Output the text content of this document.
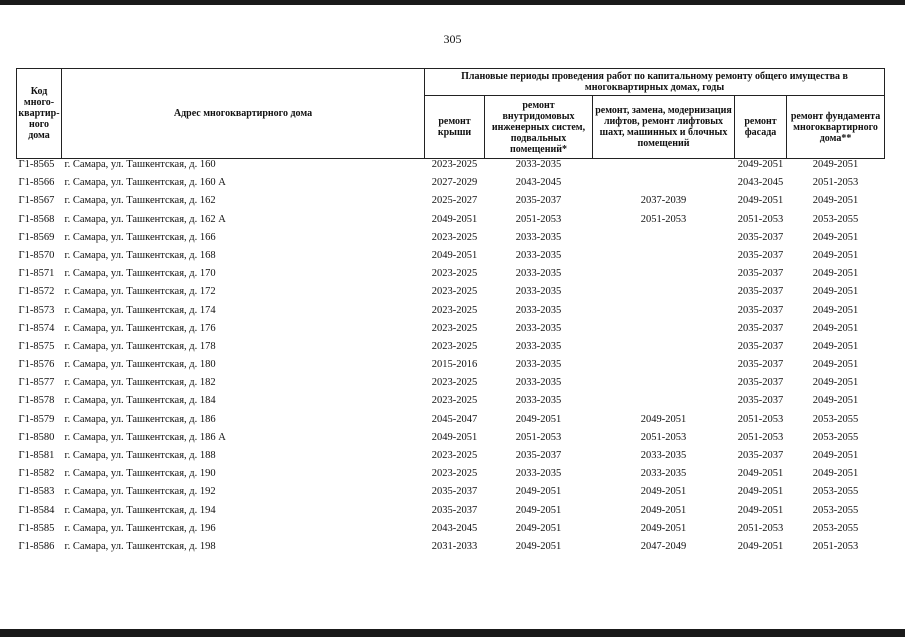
305
Код много-квартир-ного дома	Адрес многоквартирного дома	Плановые периоды проведения работ по капитальному ремонту общего имущества в многоквартирных домах, годы				
		ремонт крыши	ремонт внутридомовых инженерных систем, подвальных помещений*	ремонт, замена, модернизация лифтов, ремонт лифтовых шахт, машинных и блочных помещений	ремонт фасада	ремонт фундамента многоквартирного дома**
Г1-8565	г. Самара, ул. Ташкентская, д. 160	2023-2025	2033-2035		2049-2051	2049-2051
Г1-8566	г. Самара, ул. Ташкентская, д. 160 А	2027-2029	2043-2045		2043-2045	2051-2053
Г1-8567	г. Самара, ул. Ташкентская, д. 162	2025-2027	2035-2037	2037-2039	2049-2051	2049-2051
Г1-8568	г. Самара, ул. Ташкентская, д. 162 А	2049-2051	2051-2053	2051-2053	2051-2053	2053-2055
Г1-8569	г. Самара, ул. Ташкентская, д. 166	2023-2025	2033-2035		2035-2037	2049-2051
Г1-8570	г. Самара, ул. Ташкентская, д. 168	2049-2051	2033-2035		2035-2037	2049-2051
Г1-8571	г. Самара, ул. Ташкентская, д. 170	2023-2025	2033-2035		2035-2037	2049-2051
Г1-8572	г. Самара, ул. Ташкентская, д. 172	2023-2025	2033-2035		2035-2037	2049-2051
Г1-8573	г. Самара, ул. Ташкентская, д. 174	2023-2025	2033-2035		2035-2037	2049-2051
Г1-8574	г. Самара, ул. Ташкентская, д. 176	2023-2025	2033-2035		2035-2037	2049-2051
Г1-8575	г. Самара, ул. Ташкентская, д. 178	2023-2025	2033-2035		2035-2037	2049-2051
Г1-8576	г. Самара, ул. Ташкентская, д. 180	2015-2016	2033-2035		2035-2037	2049-2051
Г1-8577	г. Самара, ул. Ташкентская, д. 182	2023-2025	2033-2035		2035-2037	2049-2051
Г1-8578	г. Самара, ул. Ташкентская, д. 184	2023-2025	2033-2035		2035-2037	2049-2051
Г1-8579	г. Самара, ул. Ташкентская, д. 186	2045-2047	2049-2051	2049-2051	2051-2053	2053-2055
Г1-8580	г. Самара, ул. Ташкентская, д. 186 А	2049-2051	2051-2053	2051-2053	2051-2053	2053-2055
Г1-8581	г. Самара, ул. Ташкентская, д. 188	2023-2025	2035-2037	2033-2035	2035-2037	2049-2051
Г1-8582	г. Самара, ул. Ташкентская, д. 190	2023-2025	2033-2035	2033-2035	2049-2051	2049-2051
Г1-8583	г. Самара, ул. Ташкентская, д. 192	2035-2037	2049-2051	2049-2051	2049-2051	2053-2055
Г1-8584	г. Самара, ул. Ташкентская, д. 194	2035-2037	2049-2051	2049-2051	2049-2051	2053-2055
Г1-8585	г. Самара, ул. Ташкентская, д. 196	2043-2045	2049-2051	2049-2051	2051-2053	2053-2055
Г1-8586	г. Самара, ул. Ташкентская, д. 198	2031-2033	2049-2051	2047-2049	2049-2051	2051-2053
